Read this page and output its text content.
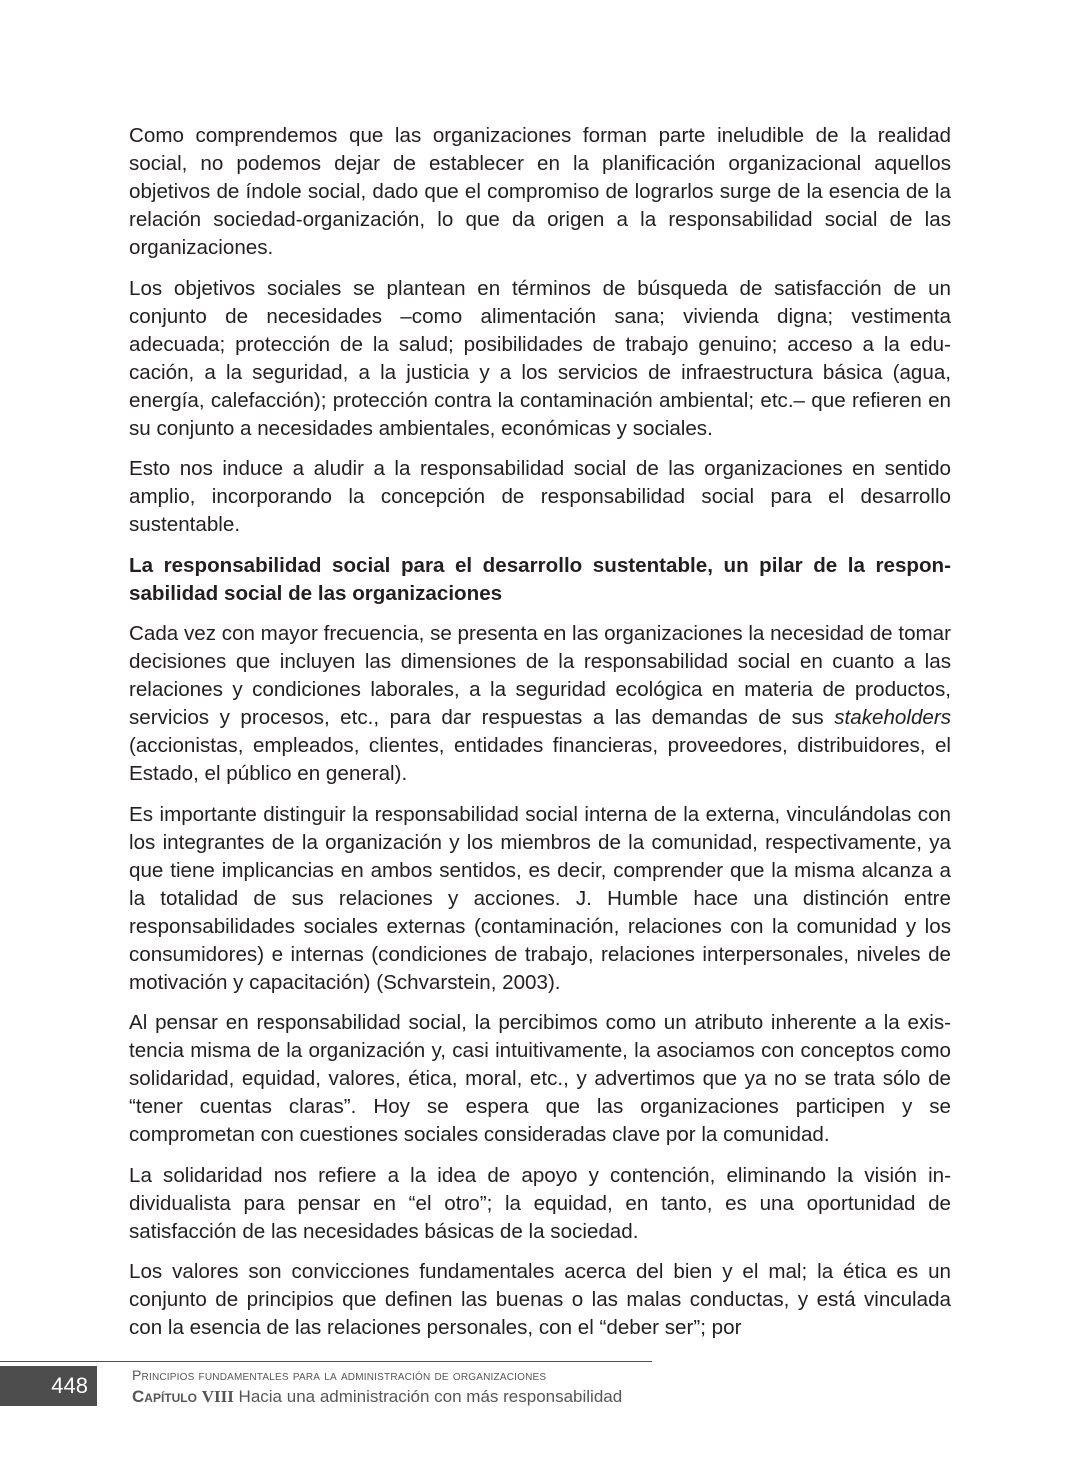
Como comprendemos que las organizaciones forman parte ineludible de la realidad social, no podemos dejar de establecer en la planificación organizacional aquellos objetivos de índole social, dado que el compromiso de lograrlos surge de la esencia de la relación sociedad-organización, lo que da origen a la responsabilidad social de las organizaciones.

Los objetivos sociales se plantean en términos de búsqueda de satisfacción de un conjunto de necesidades –como alimentación sana; vivienda digna; vestimenta adecuada; protección de la salud; posibilidades de trabajo genuino; acceso a la educación, a la seguridad, a la justicia y a los servicios de infraestructura básica (agua, energía, calefacción); protección contra la contaminación ambiental; etc.– que refieren en su conjunto a necesidades ambientales, económicas y sociales.

Esto nos induce a aludir a la responsabilidad social de las organizaciones en sentido amplio, incorporando la concepción de responsabilidad social para el desarrollo sustentable.

La responsabilidad social para el desarrollo sustentable, un pilar de la responsabilidad social de las organizaciones

Cada vez con mayor frecuencia, se presenta en las organizaciones la necesidad de tomar decisiones que incluyen las dimensiones de la responsabilidad social en cuanto a las relaciones y condiciones laborales, a la seguridad ecológica en materia de productos, servicios y procesos, etc., para dar respuestas a las demandas de sus stakeholders (accionistas, empleados, clientes, entidades financieras, proveedores, distribuidores, el Estado, el público en general).

Es importante distinguir la responsabilidad social interna de la externa, vinculándolas con los integrantes de la organización y los miembros de la comunidad, respectivamente, ya que tiene implicancias en ambos sentidos, es decir, comprender que la misma alcanza a la totalidad de sus relaciones y acciones. J. Humble hace una distinción entre responsabilidades sociales externas (contaminación, relaciones con la comunidad y los consumidores) e internas (condiciones de trabajo, relaciones interpersonales, niveles de motivación y capacitación) (Schvarstein, 2003).

Al pensar en responsabilidad social, la percibimos como un atributo inherente a la existencia misma de la organización y, casi intuitivamente, la asociamos con conceptos como solidaridad, equidad, valores, ética, moral, etc., y advertimos que ya no se trata sólo de “tener cuentas claras”. Hoy se espera que las organizaciones participen y se comprometan con cuestiones sociales consideradas clave por la comunidad.

La solidaridad nos refiere a la idea de apoyo y contención, eliminando la visión individualista para pensar en “el otro”; la equidad, en tanto, es una oportunidad de satisfacción de las necesidades básicas de la sociedad.

Los valores son convicciones fundamentales acerca del bien y el mal; la ética es un conjunto de principios que definen las buenas o las malas conductas, y está vinculada con la esencia de las relaciones personales, con el “deber ser”; por

448	Principios fundamentales para la administración de organizaciones
Capítulo VIII Hacia una administración con más responsabilidad
